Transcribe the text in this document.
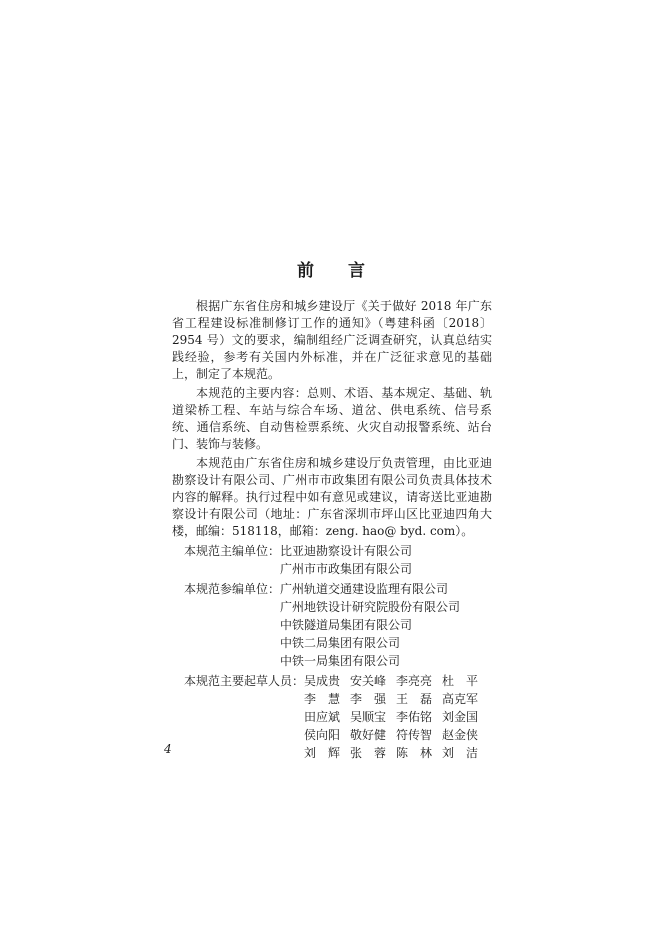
前 言

根据广东省住房和城乡建设厅《关于做好 2018 年广东省工程建设标准制修订工作的通知》（粤建科函〔2018〕2954 号）文的要求，编制组经广泛调查研究，认真总结实践经验，参考有关国内外标准，并在广泛征求意见的基础上，制定了本规范。

本规范的主要内容：总则、术语、基本规定、基础、轨道梁桥工程、车站与综合车场、道岔、供电系统、信号系统、通信系统、自动售检票系统、火灾自动报警系统、站台门、装饰与装修。

本规范由广东省住房和城乡建设厅负责管理，由比亚迪勘察设计有限公司、广州市市政集团有限公司负责具体技术内容的解释。执行过程中如有意见或建议，请寄送比亚迪勘察设计有限公司（地址：广东省深圳市坪山区比亚迪四角大楼，邮编：518118，邮箱：zeng. hao@ byd. com）。

本规范主编单位： 比亚迪勘察设计有限公司
广州市市政集团有限公司
本规范参编单位： 广州轨道交通建设监理有限公司
广州地铁设计研究院股份有限公司
中铁隧道局集团有限公司
中铁二局集团有限公司
中铁一局集团有限公司
本规范主要起草人员： 吴成贵 安关峰 李亮亮 杜　平
李　慧 李　强 王　磊 高克军
田应斌 吴顺宝 李佑铭 刘金国
侯向阳 敬好健 符传智 赵金侠
刘　辉 张　蓉 陈　林 刘　洁
4
